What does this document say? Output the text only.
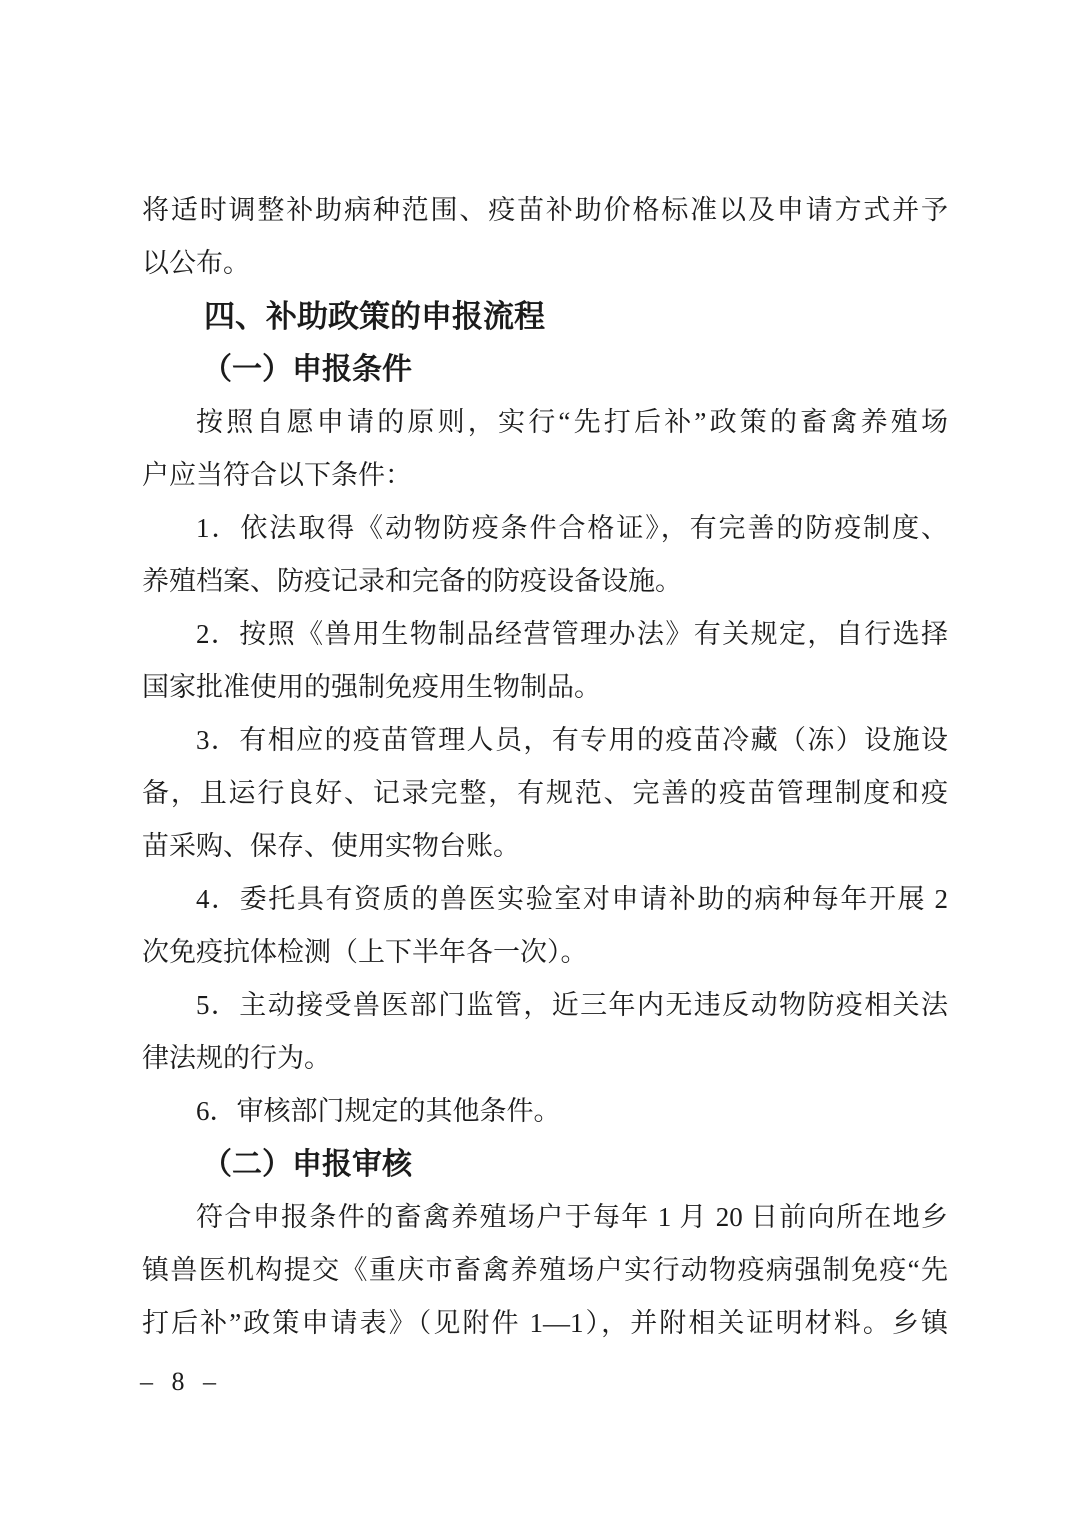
将适时调整补助病种范围、疫苗补助价格标准以及申请方式并予
以公布。
四、补助政策的申报流程
（一）申报条件
按照自愿申请的原则，实行“先打后补”政策的畜禽养殖场
户应当符合以下条件：
1．依法取得《动物防疫条件合格证》，有完善的防疫制度、
养殖档案、防疫记录和完备的防疫设备设施。
2．按照《兽用生物制品经营管理办法》有关规定，自行选择
国家批准使用的强制免疫用生物制品。
3．有相应的疫苗管理人员，有专用的疫苗冷藏（冻）设施设
备，且运行良好、记录完整，有规范、完善的疫苗管理制度和疫
苗采购、保存、使用实物台账。
4．委托具有资质的兽医实验室对申请补助的病种每年开展 2
次免疫抗体检测（上下半年各一次）。
5．主动接受兽医部门监管，近三年内无违反动物防疫相关法
律法规的行为。
6．审核部门规定的其他条件。
（二）申报审核
符合申报条件的畜禽养殖场户于每年 1 月 20 日前向所在地乡
镇兽医机构提交《重庆市畜禽养殖场户实行动物疫病强制免疫“先
打后补”政策申请表》（见附件 1—1），并附相关证明材料。乡镇
– 8 –
